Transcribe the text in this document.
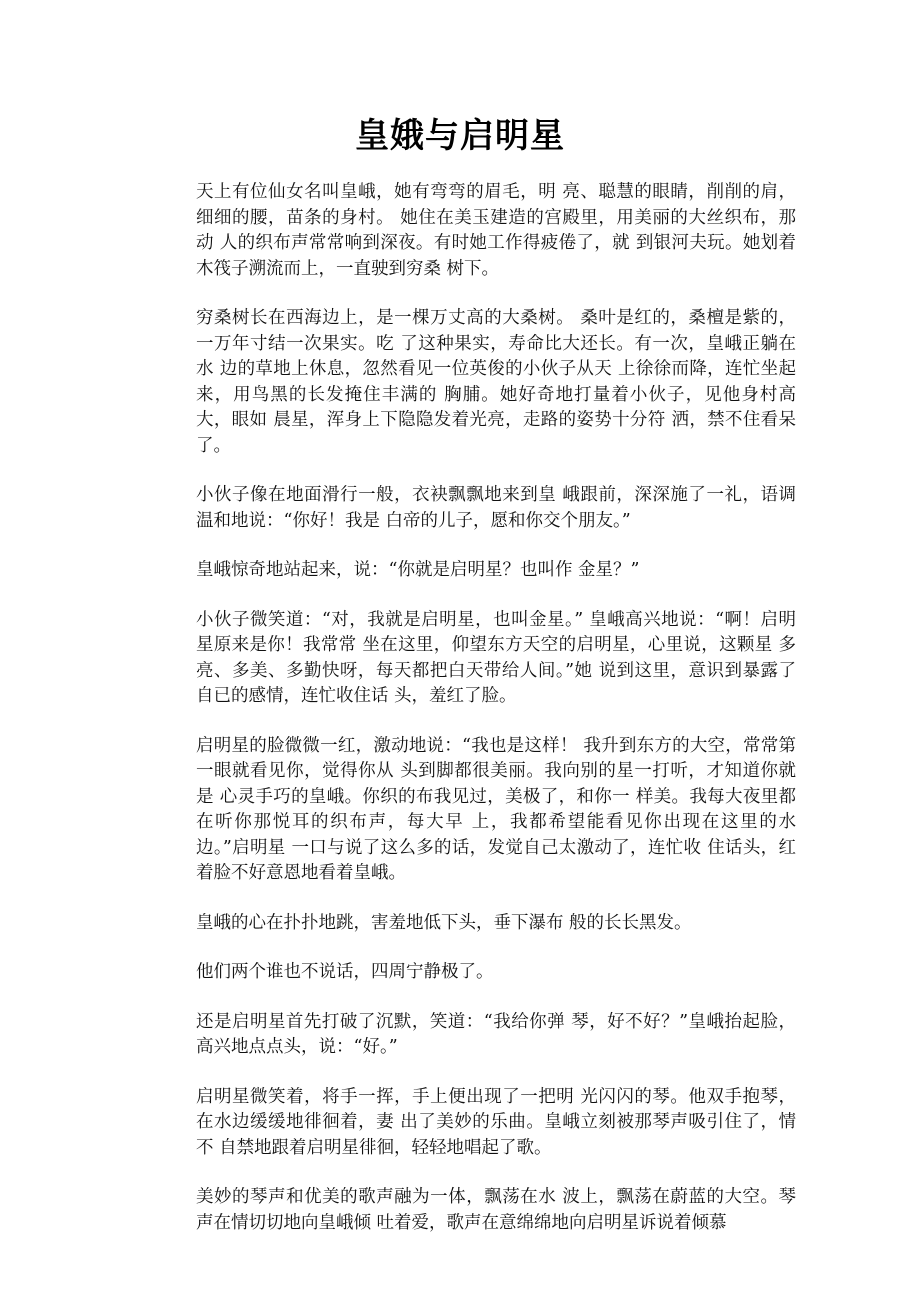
皇娥与启明星

天上有位仙女名叫皇峨，她有弯弯的眉毛，明 亮、聪慧的眼睛，削削的肩，细细的腰，苗条的身村。 她住在美玉建造的宫殿里，用美丽的大丝织布，那动 人的织布声常常响到深夜。有时她工作得疲倦了，就 到银河夫玩。她划着木筏子溯流而上，一直驶到穷桑 树下。

穷桑树长在西海边上，是一棵万丈高的大桑树。 桑叶是红的，桑檀是紫的，一万年寸结一次果实。吃 了这种果实，寿命比大还长。有一次，皇峨正躺在水 边的草地上休息，忽然看见一位英俊的小伙子从天 上徐徐而降，连忙坐起来，用鸟黑的长发掩住丰满的 胸脯。她好奇地打量着小伙子，见他身村高大，眼如 晨星，浑身上下隐隐发着光亮，走路的姿势十分符 洒，禁不住看呆了。

小伙子像在地面滑行一般，衣袂飘飘地来到皇 峨跟前，深深施了一礼，语调温和地说：“你好！我是 白帝的儿子，愿和你交个朋友。”

皇峨惊奇地站起来，说：“你就是启明星？也叫作 金星？”

小伙子微笑道：“对，我就是启明星，也叫金星。” 皇峨高兴地说：“啊！启明星原来是你！我常常 坐在这里，仰望东方天空的启明星，心里说，这颗星 多亮、多美、多勤快呀，每天都把白天带给人间。”她 说到这里，意识到暴露了自已的感情，连忙收住话 头，羞红了脸。

启明星的脸微微一红，激动地说：“我也是这样！ 我升到东方的大空，常常第一眼就看见你，觉得你从 头到脚都很美丽。我向别的星一打听，才知道你就是 心灵手巧的皇峨。你织的布我见过，美极了，和你一 样美。我每大夜里都在听你那悦耳的织布声，每大早 上，我都希望能看见你出现在这里的水边。”启明星 一口与说了这么多的话，发觉自己太激动了，连忙收 住话头，红着脸不好意恩地看着皇峨。

皇峨的心在扑扑地跳，害羞地低下头，垂下瀑布 般的长长黑发。

他们两个谁也不说话，四周宁静极了。

还是启明星首先打破了沉默，笑道：“我给你弹 琴，好不好？”皇峨抬起脸，高兴地点点头，说：“好。”

启明星微笑着，将手一挥，手上便出现了一把明 光闪闪的琴。他双手抱琴，在水边缓缓地徘徊着，妻 出了美妙的乐曲。皇峨立刻被那琴声吸引住了，情不 自禁地跟着启明星徘徊，轻轻地唱起了歌。

美妙的琴声和优美的歌声融为一体，飘荡在水 波上，飘荡在蔚蓝的大空。琴声在情切切地向皇峨倾 吐着爱，歌声在意绵绵地向启明星诉说着倾慕
